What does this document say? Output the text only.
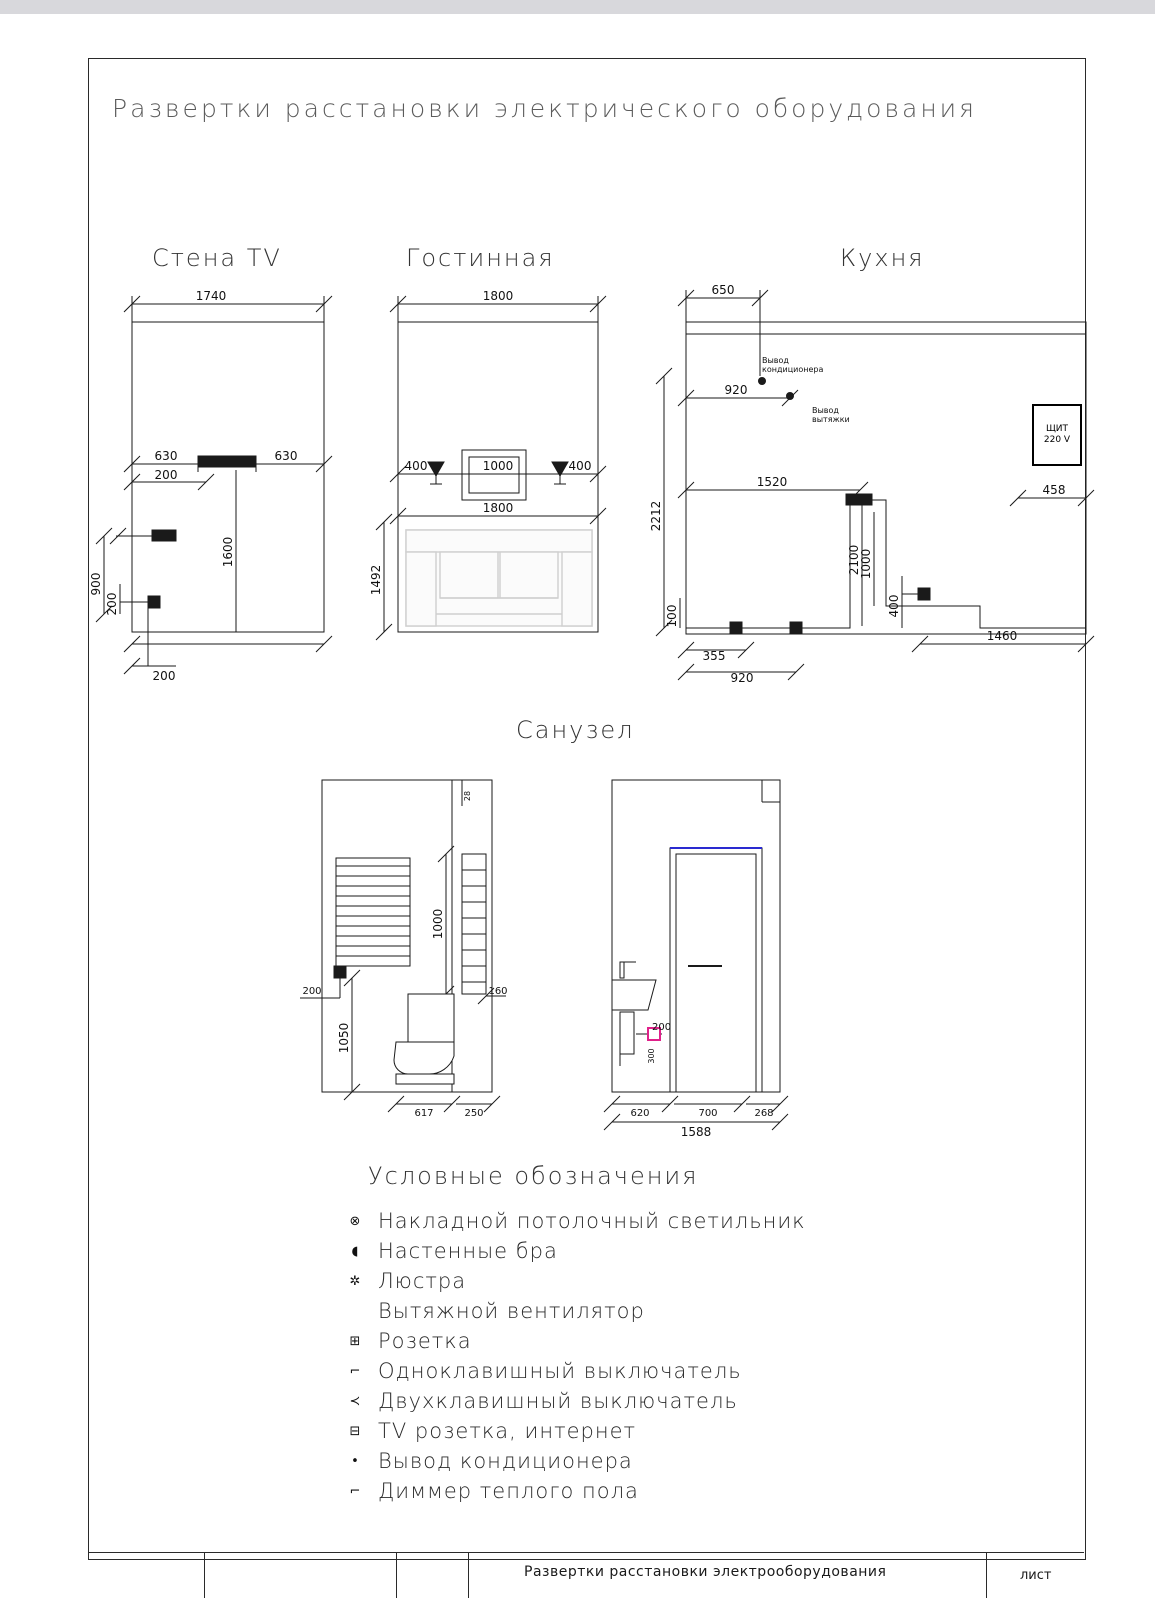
Развертки расстановки электрического оборудования
Стена TV	Гостинная	Кухня
Санузел
1740
630	630
200
1600
900
200
200
1800
400	1000	400
1800
1492
650
920
1520
2212
2100
1000
400
100
355
920
1460
458
Вывод
кондиционера
Вывод
вытяжки
ЩИТ
220 V
1000
1050
200	160
617	250
28
300
200
620	700	268
1588
Условные обозначения
⊗ Накладной потолочный светильник
◖ Настенные бра
✲ Люстра
Вытяжной вентилятор
⊞ Розетка
⌐ Одноклавишный выключатель
≺ Двухклавишный выключатель
⊟ TV розетка, интернет
• Вывод кондиционера
⌐ Диммер теплого пола
Развертки расстановки электрооборудования	лист
